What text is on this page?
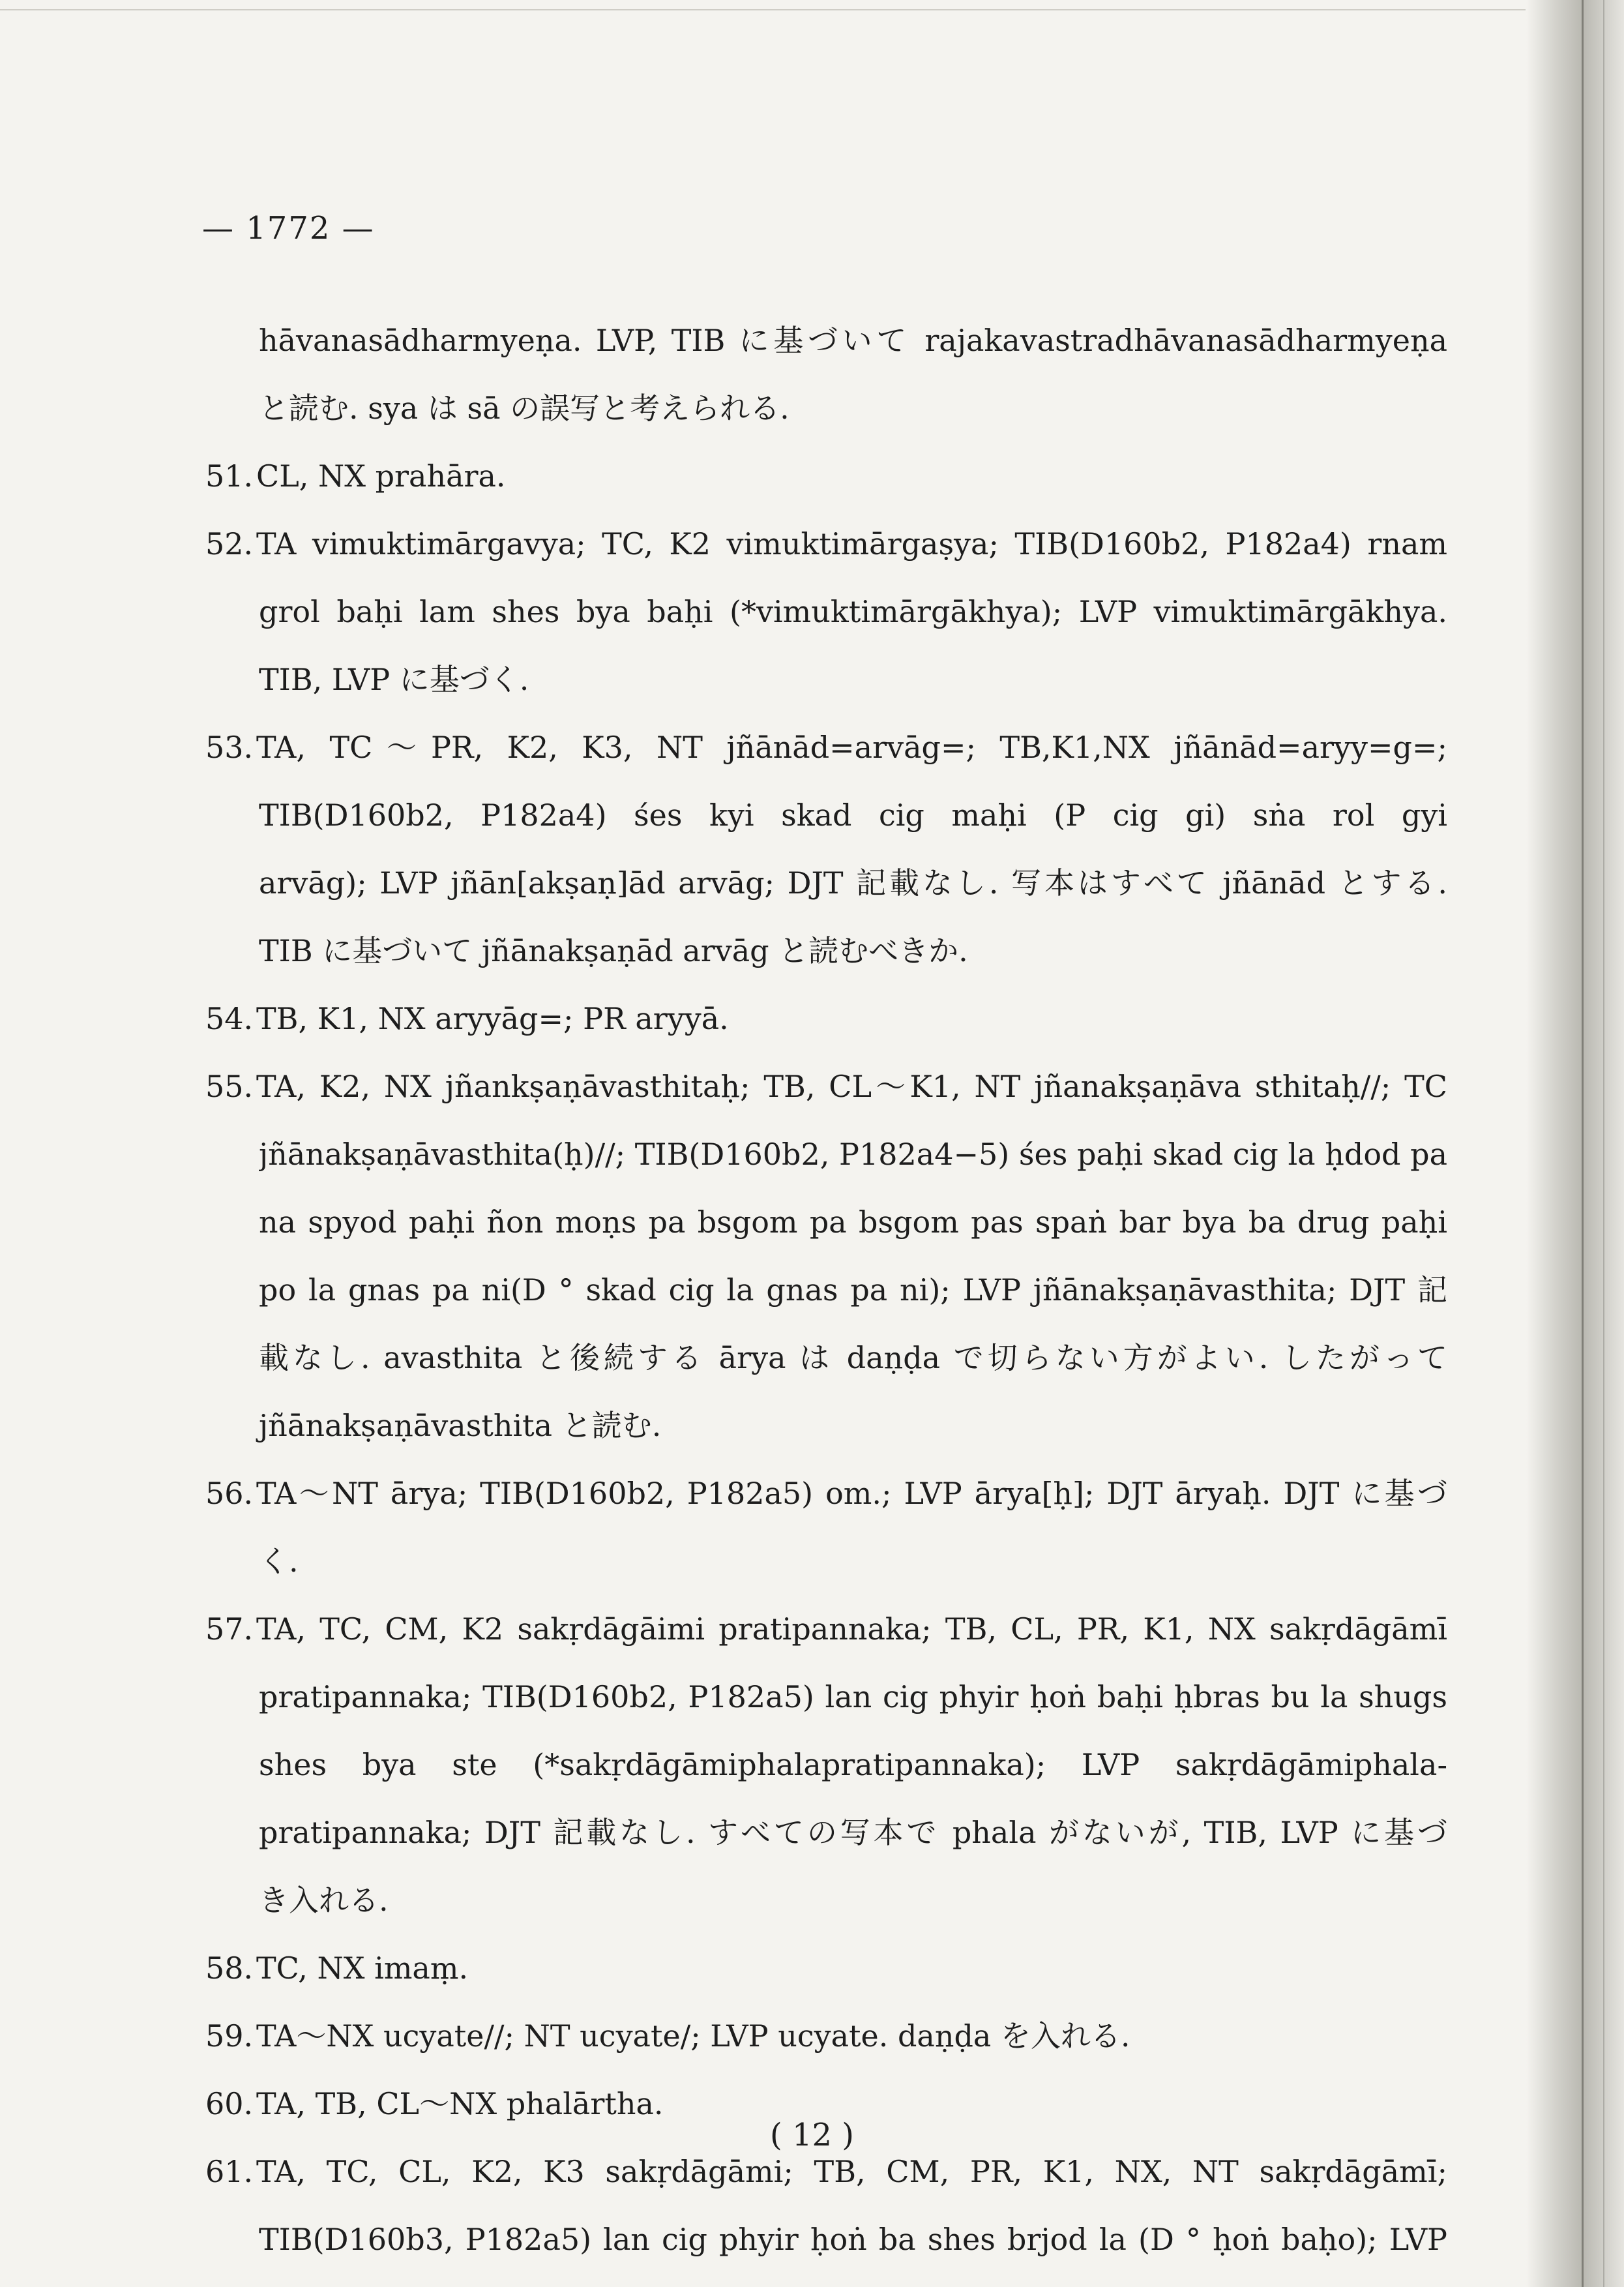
— 1772 —
hāvanasādharmyeṇa. LVP, TIB に基づいて rajakavastradhāvanasādharmyeṇa
と読む. sya は sā の誤写と考えられる.
51. CL, NX prahāra.
52. TA vimuktimārgavya; TC, K2 vimuktimārgaṣya; TIB(D160b2, P182a4) rnam
grol baḥi lam shes bya baḥi (*vimuktimārgākhya); LVP vimuktimārgākhya.
TIB, LVP に基づく.
53. TA, TC〜PR, K2, K3, NT jñānād=arvāg=; TB,K1,NX jñānād=aryy=g=;
TIB(D160b2, P182a4) śes kyi skad cig maḥi (P cig gi) sṅa rol gyi
arvāg); LVP jñān[akṣaṇ]ād arvāg; DJT 記載なし. 写本はすべて jñānād とする.
TIB に基づいて jñānakṣaṇād arvāg と読むべきか.
54. TB, K1, NX aryyāg=; PR aryyā.
55. TA, K2, NX jñankṣaṇāvasthitaḥ; TB, CL〜K1, NT jñanakṣaṇāva sthitaḥ//; TC
jñānakṣaṇāvasthita(ḥ)//; TIB(D160b2, P182a4−5) śes paḥi skad cig la ḥdod pa
na spyod paḥi ñon moṇs pa bsgom pa bsgom pas spaṅ bar bya ba drug paḥi
po la gnas pa ni(D ° skad cig la gnas pa ni); LVP jñānakṣaṇāvasthita; DJT 記
載なし. avasthita と後続する ārya は daṇḍa で切らない方がよい. したがって
jñānakṣaṇāvasthita と読む.
56. TA〜NT ārya; TIB(D160b2, P182a5) om.; LVP ārya[ḥ]; DJT āryaḥ. DJT に基づ
く.
57. TA, TC, CM, K2 sakṛdāgāimi pratipannaka; TB, CL, PR, K1, NX sakṛdāgāmī
pratipannaka; TIB(D160b2, P182a5) lan cig phyir ḥoṅ baḥi ḥbras bu la shugs
shes bya ste (*sakṛdāgāmiphalapratipannaka); LVP sakṛdāgāmiphala-
pratipannaka; DJT 記載なし. すべての写本で phala がないが, TIB, LVP に基づ
き入れる.
58. TC, NX imaṃ.
59. TA〜NX ucyate//; NT ucyate/; LVP ucyate. daṇḍa を入れる.
60. TA, TB, CL〜NX phalārtha.
61. TA, TC, CL, K2, K3 sakṛdāgāmi; TB, CM, PR, K1, NX, NT sakṛdāgāmī;
TIB(D160b3, P182a5) lan cig phyir ḥoṅ ba shes brjod la (D ° ḥoṅ baḥo); LVP
( 12 )
